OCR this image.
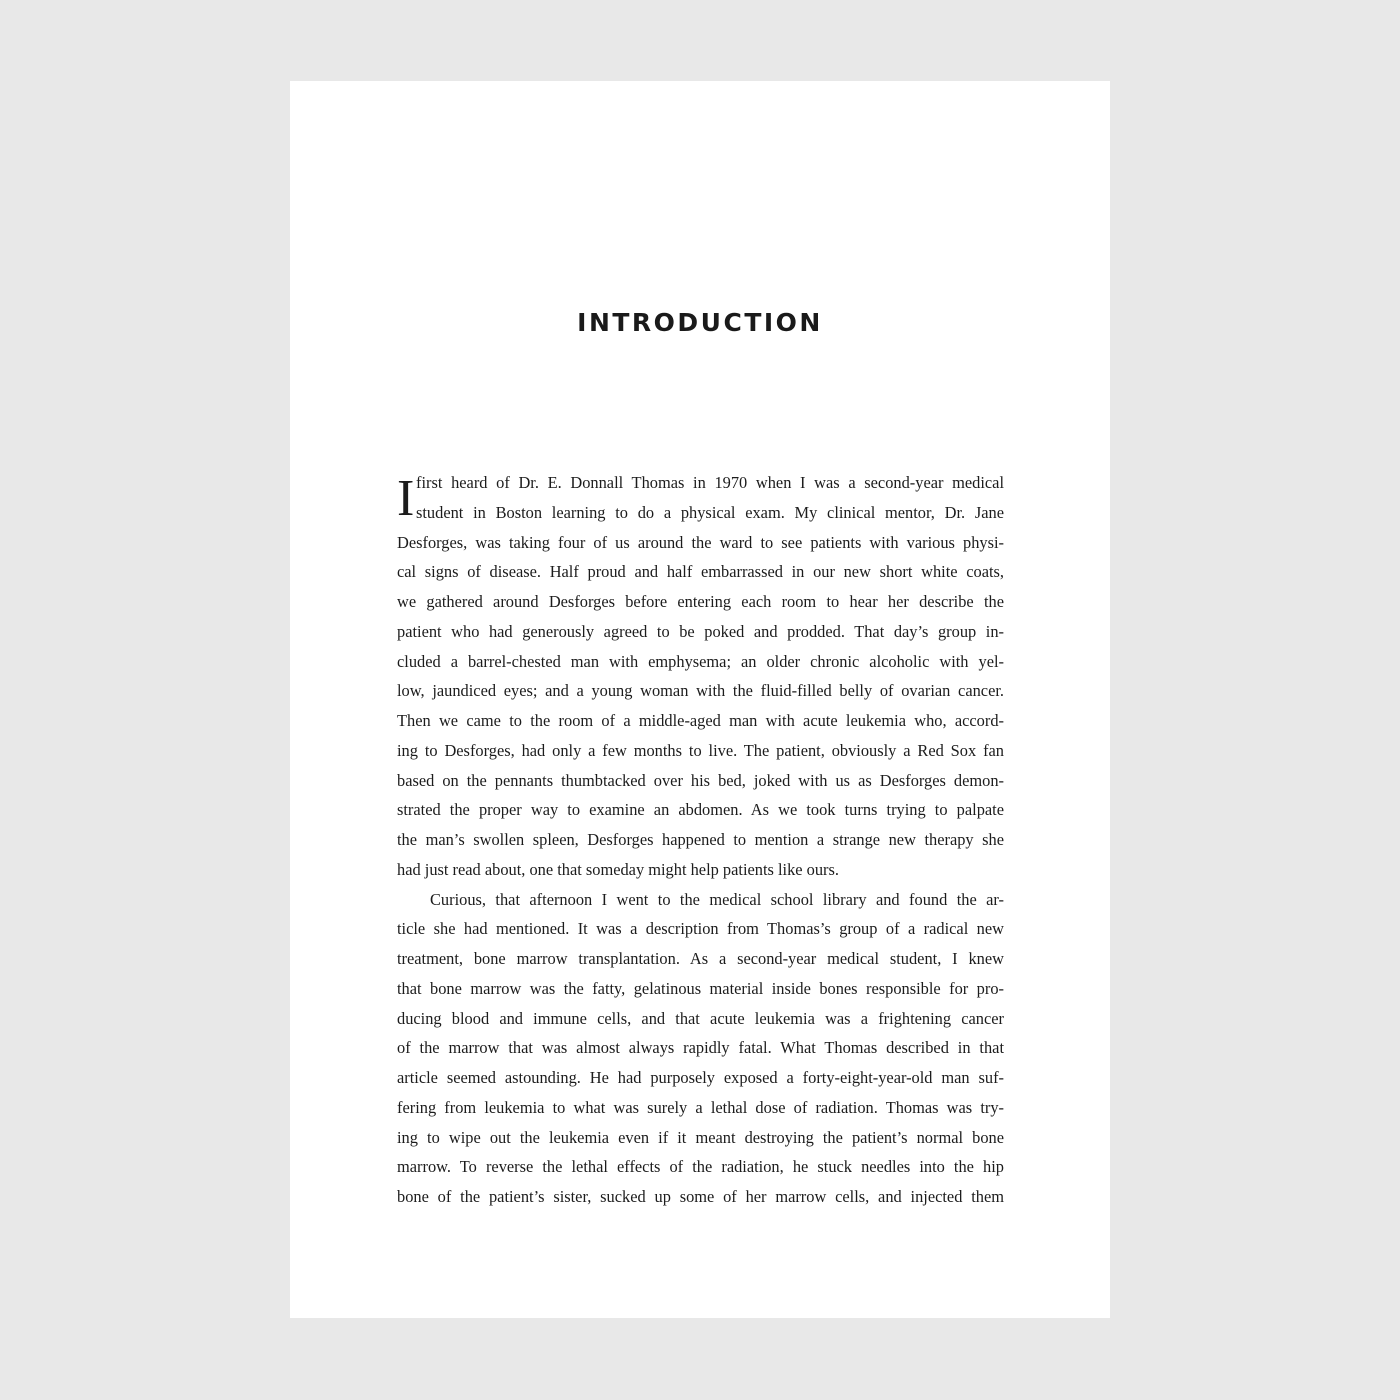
INTRODUCTION
I first heard of Dr. E. Donnall Thomas in 1970 when I was a second-year medical
student in Boston learning to do a physical exam. My clinical mentor, Dr. Jane
Desforges, was taking four of us around the ward to see patients with various physi-
cal signs of disease. Half proud and half embarrassed in our new short white coats,
we gathered around Desforges before entering each room to hear her describe the
patient who had generously agreed to be poked and prodded. That day’s group in-
cluded a barrel-chested man with emphysema; an older chronic alcoholic with yel-
low, jaundiced eyes; and a young woman with the fluid-filled belly of ovarian cancer.
Then we came to the room of a middle-aged man with acute leukemia who, accord-
ing to Desforges, had only a few months to live. The patient, obviously a Red Sox fan
based on the pennants thumbtacked over his bed, joked with us as Desforges demon-
strated the proper way to examine an abdomen. As we took turns trying to palpate
the man’s swollen spleen, Desforges happened to mention a strange new therapy she
had just read about, one that someday might help patients like ours.
Curious, that afternoon I went to the medical school library and found the ar-
ticle she had mentioned. It was a description from Thomas’s group of a radical new
treatment, bone marrow transplantation. As a second-year medical student, I knew
that bone marrow was the fatty, gelatinous material inside bones responsible for pro-
ducing blood and immune cells, and that acute leukemia was a frightening cancer
of the marrow that was almost always rapidly fatal. What Thomas described in that
article seemed astounding. He had purposely exposed a forty-eight-year-old man suf-
fering from leukemia to what was surely a lethal dose of radiation. Thomas was try-
ing to wipe out the leukemia even if it meant destroying the patient’s normal bone
marrow. To reverse the lethal effects of the radiation, he stuck needles into the hip
bone of the patient’s sister, sucked up some of her marrow cells, and injected them
